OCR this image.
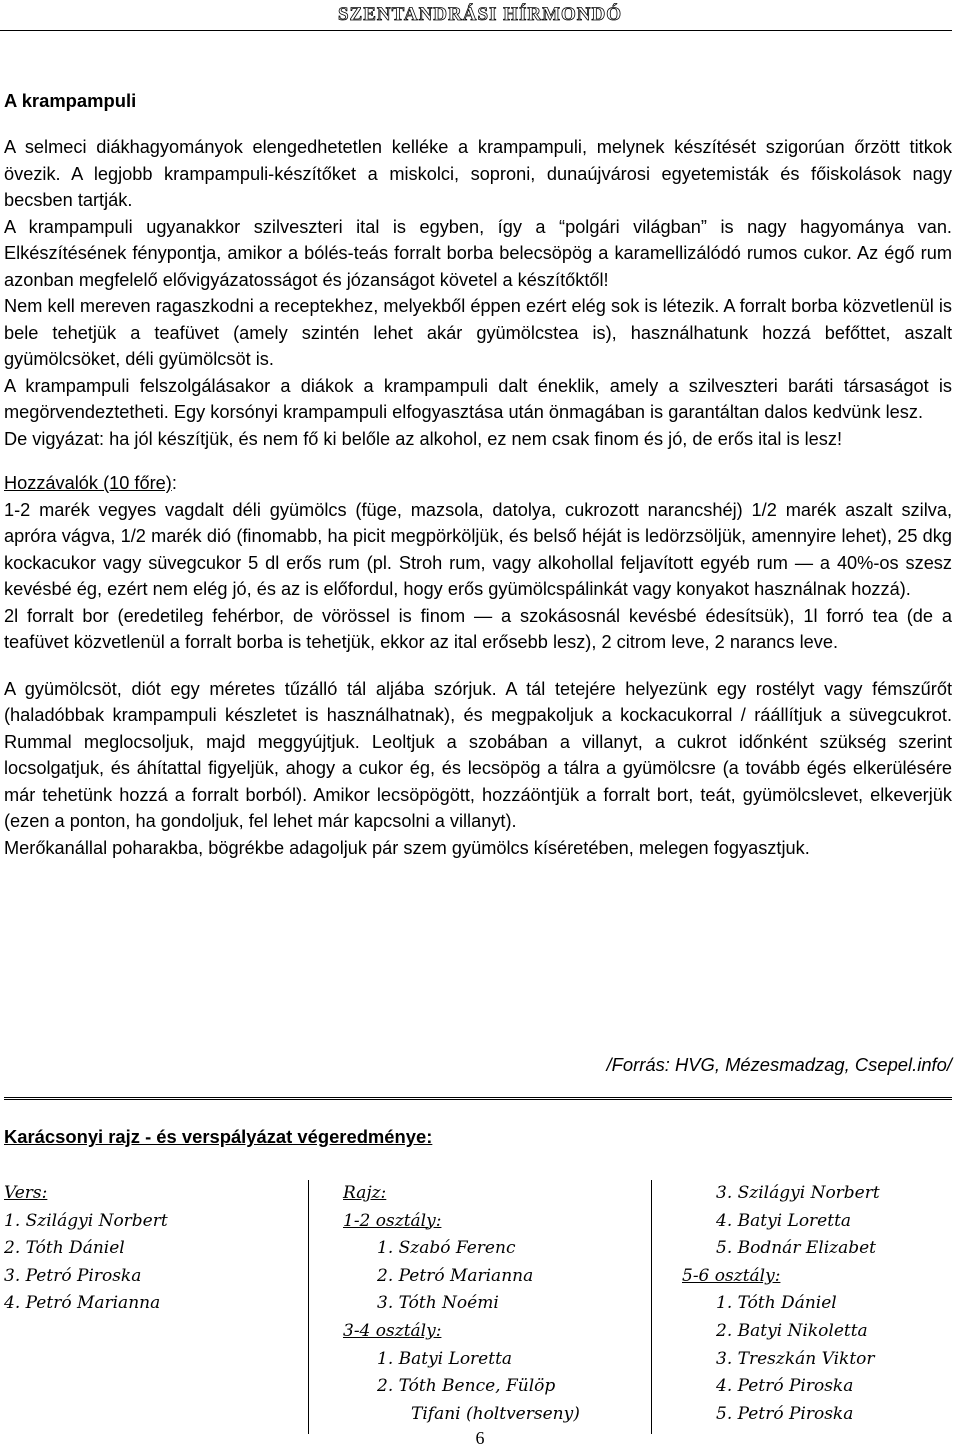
SZENTANDRÁSI HÍRMONDÓ
A krampampuli

A selmeci diákhagyományok elengedhetetlen kelléke a krampampuli, melynek készítését szigorúan őrzött titkok övezik. A legjobb krampampuli-készítőket a miskolci, soproni, dunaújvárosi egyetemisták és főiskolások nagy becsben tartják.

A krampampuli ugyanakkor szilveszteri ital is egyben, így a “polgári világban” is nagy hagyománya van. Elkészítésének fénypontja, amikor a bólés-teás forralt borba belecsöpög a karamellizálódó rumos cukor. Az égő rum azonban megfelelő elővigyázatosságot és józanságot követel a készítőktől!

Nem kell mereven ragaszkodni a receptekhez, melyekből éppen ezért elég sok is létezik. A forralt borba közvetlenül is bele tehetjük a teafüvet (amely szintén lehet akár gyümölcstea is), használhatunk hozzá befőttet, aszalt gyümölcsöket, déli gyümölcsöt is.

A krampampuli felszolgálásakor a diákok a krampampuli dalt éneklik, amely a szilveszteri baráti társaságot is megörvendeztetheti. Egy korsónyi krampampuli elfogyasztása után önmagában is garantáltan dalos kedvünk lesz.

De vigyázat: ha jól készítjük, és nem fő ki belőle az alkohol, ez nem csak finom és jó, de erős ital is lesz!

Hozzávalók (10 főre):

1-2 marék vegyes vagdalt déli gyümölcs (füge, mazsola, datolya, cukrozott narancshéj) 1/2 marék aszalt szilva, apróra vágva, 1/2 marék dió (finomabb, ha picit megpörköljük, és belső héját is ledörzsöljük, amennyire lehet), 25 dkg kockacukor vagy süvegcukor 5 dl erős rum (pl. Stroh rum, vagy alkohollal feljavított egyéb rum — a 40%-os szesz kevésbé ég, ezért nem elég jó, és az is előfordul, hogy erős gyümölcspálinkát vagy konyakot használnak hozzá).

2l forralt bor (eredetileg fehérbor, de vörössel is finom — a szokásosnál kevésbé édesítsük), 1l forró tea (de a teafüvet közvetlenül a forralt borba is tehetjük, ekkor az ital erősebb lesz), 2 citrom leve, 2 narancs leve.

A gyümölcsöt, diót egy méretes tűzálló tál aljába szórjuk. A tál tetejére helyezünk egy rostélyt vagy fémszűrőt (haladóbbak krampampuli készletet is használhatnak), és megpakoljuk a kockacukorral / ráállítjuk a süvegcukrot. Rummal meglocsoljuk, majd meggyújtjuk. Leoltjuk a szobában a villanyt, a cukrot időnként szükség szerint locsolgatjuk, és áhítattal figyeljük, ahogy a cukor ég, és lecsöpög a tálra a gyümölcsre (a tovább égés elkerülésére már tehetünk hozzá a forralt borból). Amikor lecsöpögött, hozzáöntjük a forralt bort, teát, gyümölcslevet, elkeverjük (ezen a ponton, ha gondoljuk, fel lehet már kapcsolni a villanyt).

Merőkanállal poharakba, bögrékbe adagoljuk pár szem gyümölcs kíséretében, melegen fogyasztjuk.

/Forrás: HVG, Mézesmadzag, Csepel.info/
Karácsonyi rajz - és verspályázat végeredménye:
Vers:
1. Szilágyi Norbert
2. Tóth Dániel
3. Petró Piroska
4. Petró Marianna
Rajz:
1-2 osztály:
1. Szabó Ferenc
2. Petró Marianna
3. Tóth Noémi
3-4 osztály:
1. Batyi Loretta
2. Tóth Bence, Fülöp
Tifani (holtverseny)
3. Szilágyi Norbert
4. Batyi Loretta
5. Bodnár Elizabet
5-6 osztály:
1. Tóth Dániel
2. Batyi Nikoletta
3. Treszkán Viktor
4. Petró Piroska
5. Petró Piroska
6
